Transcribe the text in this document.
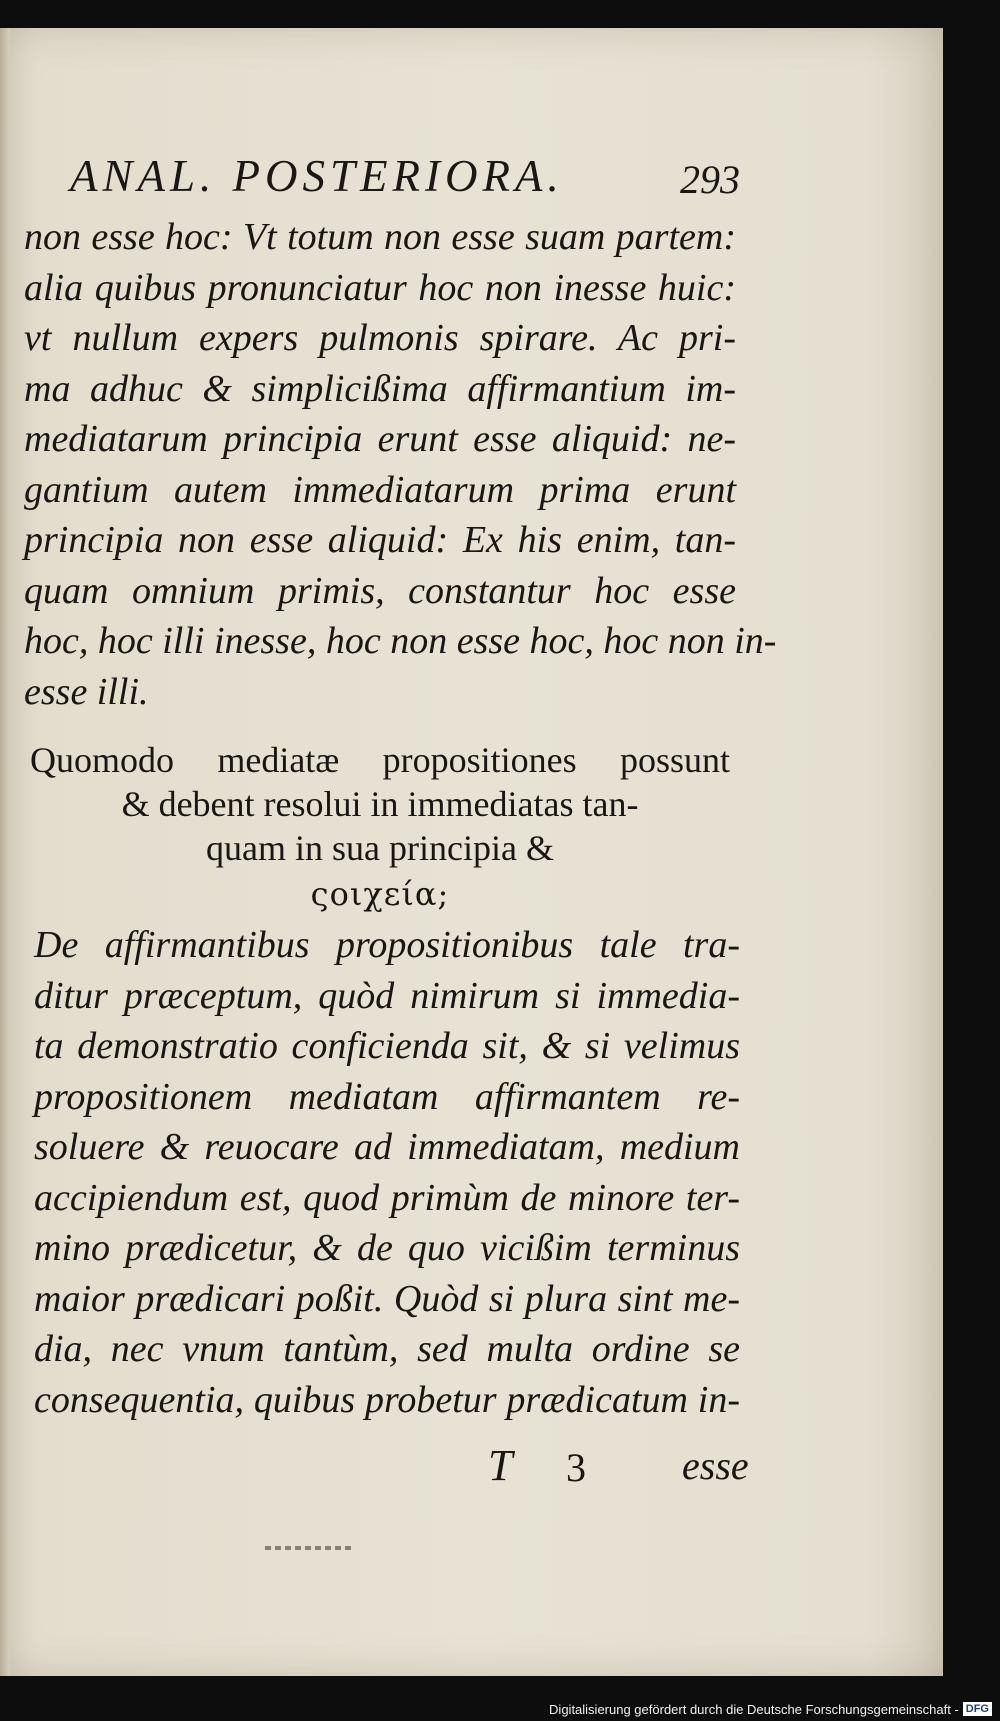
ANAL. POSTERIORA.	293
non esse hoc: Vt totum non esse suam partem:
alia quibus pronunciatur hoc non inesse huic:
vt nullum expers pulmonis spirare. Ac pri-
ma adhuc & simplicißima affirmantium im-
mediatarum principia erunt esse aliquid: ne-
gantium autem immediatarum prima erunt
principia non esse aliquid: Ex his enim, tan-
quam omnium primis, constantur hoc esse
hoc, hoc illi inesse, hoc non esse hoc, hoc non in-
esse illi.
Quomodo mediatæ propositiones possunt
& debent resolui in immediatas tan-
quam in sua principia &
ςοιχεία;
De affirmantibus propositionibus tale tra-
ditur præceptum, quòd nimirum si immedia-
ta demonstratio conficienda sit, & si velimus
propositionem mediatam affirmantem re-
soluere & reuocare ad immediatam, medium
accipiendum est, quod primùm de minore ter-
mino prædicetur, & de quo vicißim terminus
maior prædicari poßit. Quòd si plura sint me-
dia, nec vnum tantùm, sed multa ordine se
consequentia, quibus probetur prædicatum in-
T 3 esse
Digitalisierung gefördert durch die Deutsche Forschungsgemeinschaft - DFG
